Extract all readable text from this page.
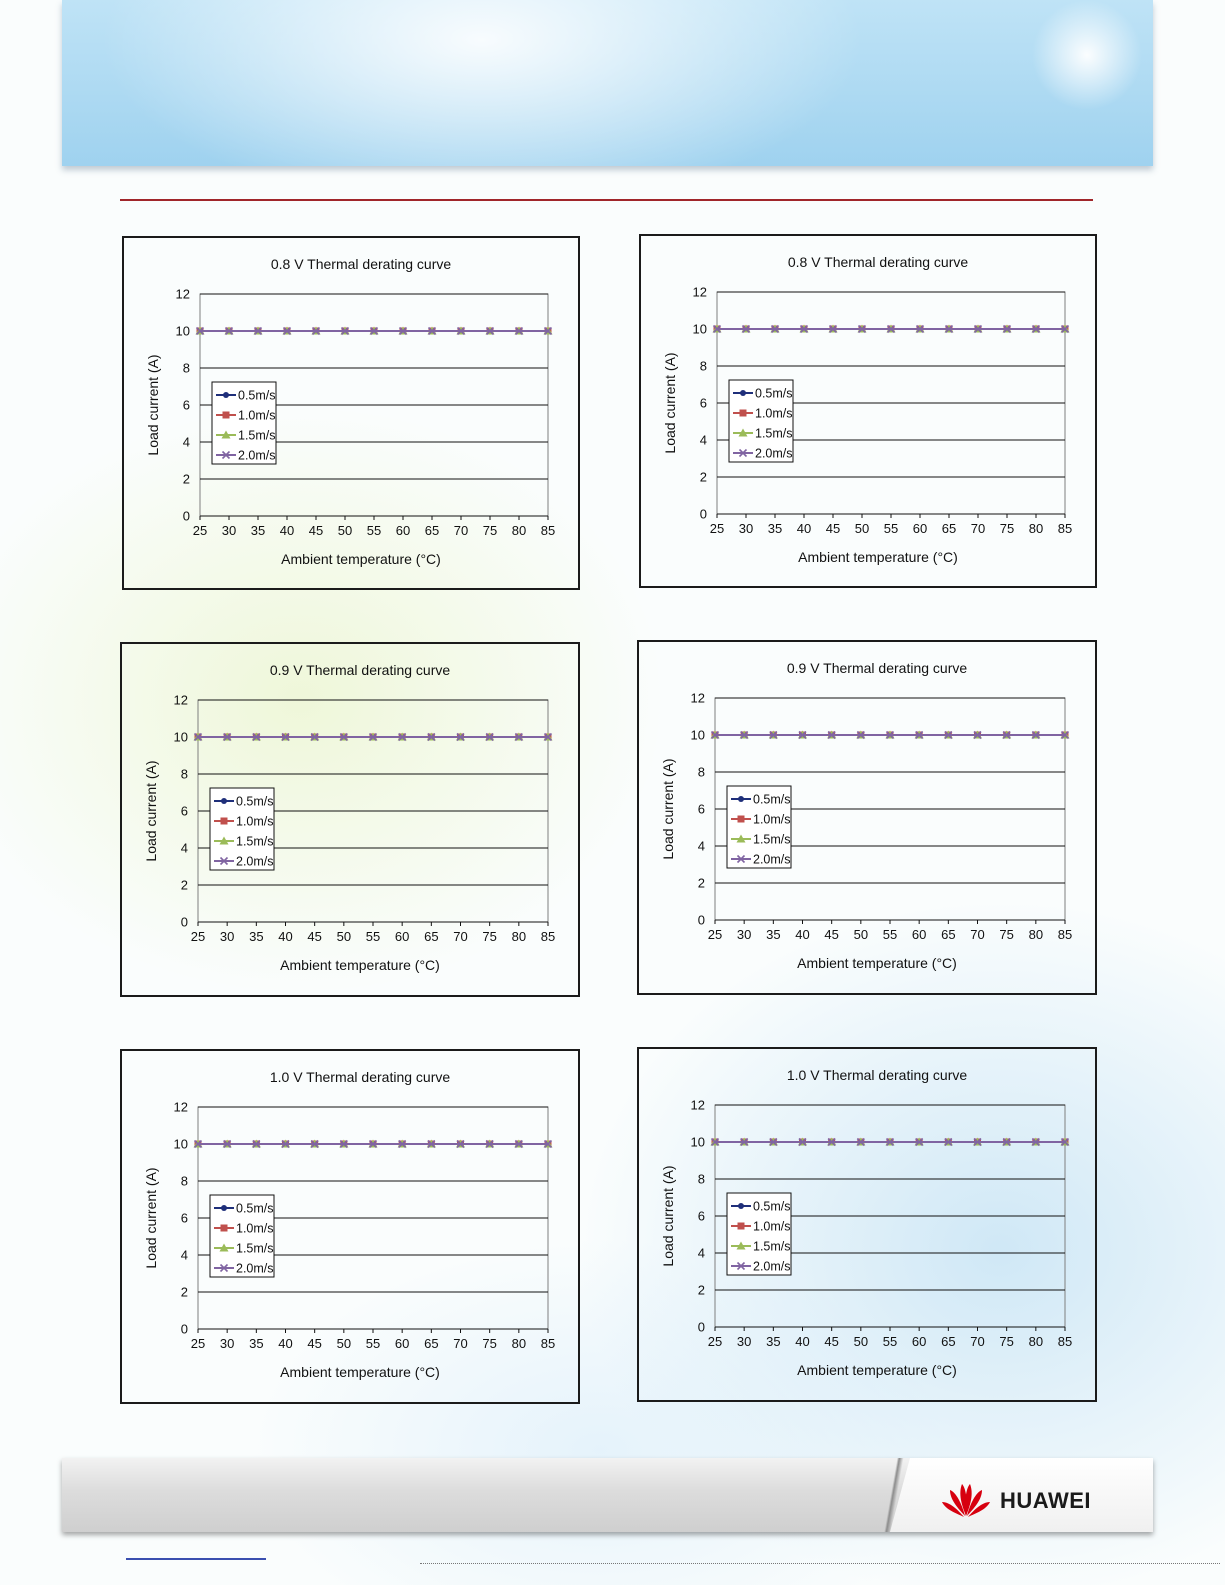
0.8 V Thermal derating curve
0
2
4
6
8
10
12
25 30 35 40 45 50 55 60 65 70 75 80 85
Ambient temperature (°C)
Load current (A)	0.5m/s
1.0m/s
1.5m/s
2.0m/s
0.8 V Thermal derating curve
0
2
4
6
8
10
12
25 30 35 40 45 50 55 60 65 70 75 80 85
Ambient temperature (°C)
Load current (A)	0.5m/s
1.0m/s
1.5m/s
2.0m/s
0.9 V Thermal derating curve
0
2
4
6
8
10
12
25 30 35 40 45 50 55 60 65 70 75 80 85
Ambient temperature (°C)
Load current (A)	0.5m/s
1.0m/s
1.5m/s
2.0m/s
0.9 V Thermal derating curve
0
2
4
6
8
10
12
25 30 35 40 45 50 55 60 65 70 75 80 85
Ambient temperature (°C)
Load current (A)	0.5m/s
1.0m/s
1.5m/s
2.0m/s
1.0 V Thermal derating curve
0
2
4
6
8
10
12
25 30 35 40 45 50 55 60 65 70 75 80 85
Ambient temperature (°C)
Load current (A)	0.5m/s
1.0m/s
1.5m/s
2.0m/s
1.0 V Thermal derating curve
0
2
4
6
8
10
12
25 30 35 40 45 50 55 60 65 70 75 80 85
Ambient temperature (°C)
Load current (A)	0.5m/s
1.0m/s
1.5m/s
2.0m/s
HUAWEI
